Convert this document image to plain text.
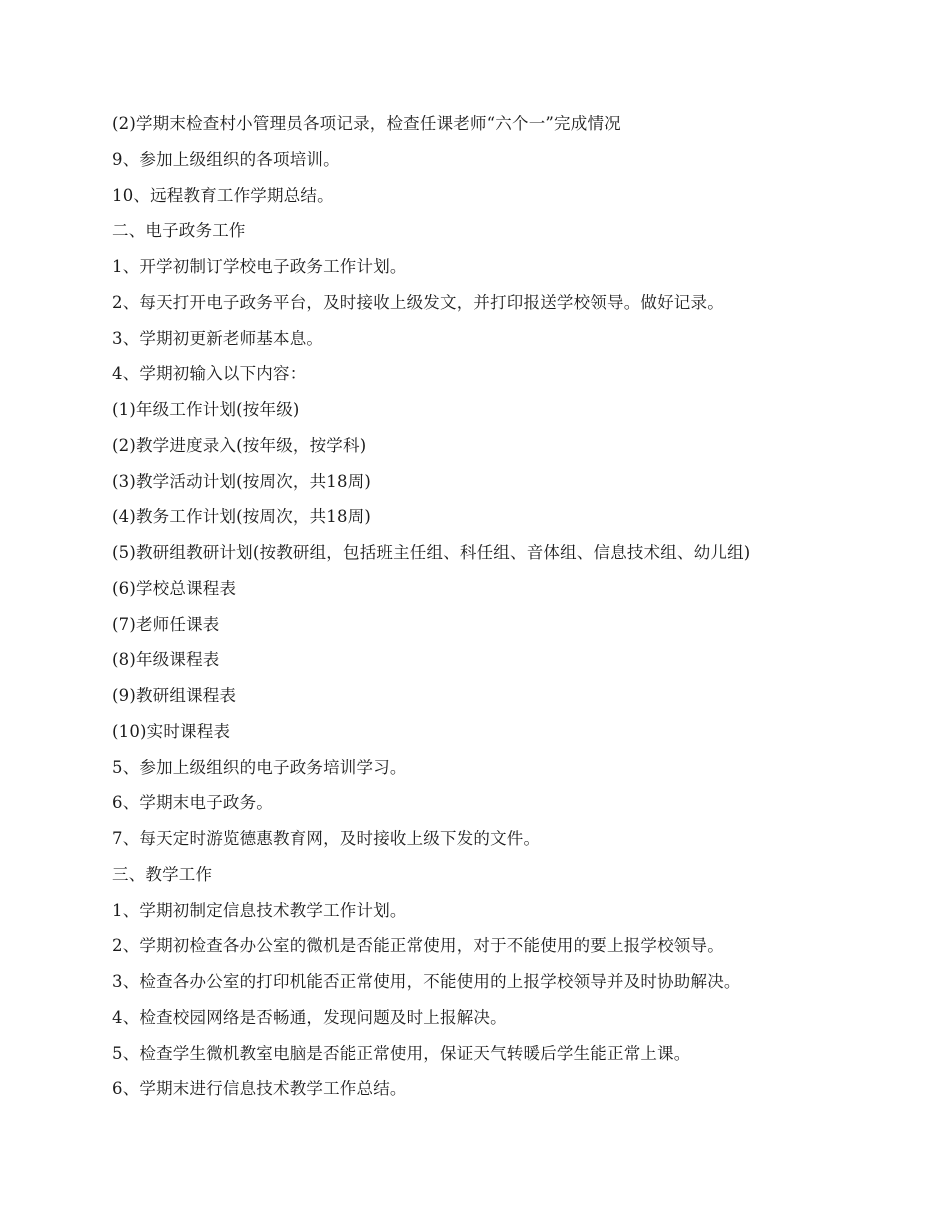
(2)学期末检查村小管理员各项记录，检查任课老师“六个一”完成情况
9、参加上级组织的各项培训。
10、远程教育工作学期总结。
二、电子政务工作
1、开学初制订学校电子政务工作计划。
2、每天打开电子政务平台，及时接收上级发文，并打印报送学校领导。做好记录。
3、学期初更新老师基本息。
4、学期初输入以下内容：
(1)年级工作计划(按年级)
(2)教学进度录入(按年级，按学科)
(3)教学活动计划(按周次，共18周)
(4)教务工作计划(按周次，共18周)
(5)教研组教研计划(按教研组，包括班主任组、科任组、音体组、信息技术组、幼儿组)
(6)学校总课程表
(7)老师任课表
(8)年级课程表
(9)教研组课程表
(10)实时课程表
5、参加上级组织的电子政务培训学习。
6、学期末电子政务。
7、每天定时游览德惠教育网，及时接收上级下发的文件。
三、教学工作
1、学期初制定信息技术教学工作计划。
2、学期初检查各办公室的微机是否能正常使用，对于不能使用的要上报学校领导。
3、检查各办公室的打印机能否正常使用，不能使用的上报学校领导并及时协助解决。
4、检查校园网络是否畅通，发现问题及时上报解决。
5、检查学生微机教室电脑是否能正常使用，保证天气转暖后学生能正常上课。
6、学期末进行信息技术教学工作总结。
